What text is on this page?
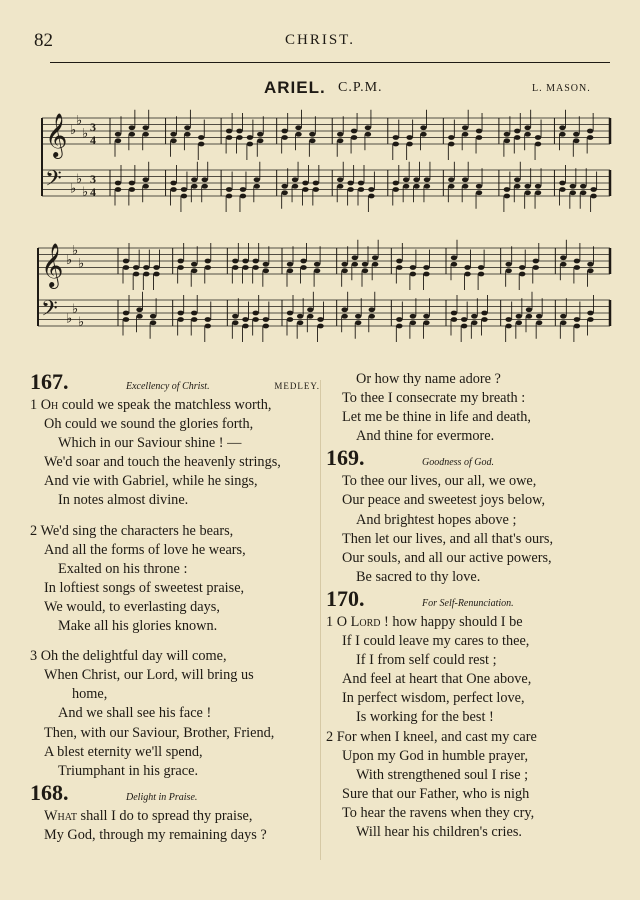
82	CHRIST.
ARIEL. C.P.M.	L. MASON.
𝄞 ♭
♭
♭ 3
4
𝄢 ♭
♭
♭
3
4
𝄞 ♭
♭
♭
𝄢 ♭
♭
♭
167.	Excellency of Christ.	MEDLEY.
1 Oh could we speak the matchless worth,
Oh could we sound the glories forth,
Which in our Saviour shine ! —
We'd soar and touch the heavenly strings,
And vie with Gabriel, while he sings,
In notes almost divine.
2 We'd sing the characters he bears,
And all the forms of love he wears,
Exalted on his throne :
In loftiest songs of sweetest praise,
We would, to everlasting days,
Make all his glories known.
3 Oh the delightful day will come,
When Christ, our Lord, will bring us
home,
And we shall see his face !
Then, with our Saviour, Brother, Friend,
A blest eternity we'll spend,
Triumphant in his grace.
168.	Delight in Praise.
What shall I do to spread thy praise,
My God, through my remaining days ?
Or how thy name adore ?
To thee I consecrate my breath :
Let me be thine in life and death,
And thine for evermore.
169.	Goodness of God.
To thee our lives, our all, we owe,
Our peace and sweetest joys below,
And brightest hopes above ;
Then let our lives, and all that's ours,
Our souls, and all our active powers,
Be sacred to thy love.
170.	For Self-Renunciation.
1 O Lord ! how happy should I be
If I could leave my cares to thee,
If I from self could rest ;
And feel at heart that One above,
In perfect wisdom, perfect love,
Is working for the best !
2 For when I kneel, and cast my care
Upon my God in humble prayer,
With strengthened soul I rise ;
Sure that our Father, who is nigh
To hear the ravens when they cry,
Will hear his children's cries.
